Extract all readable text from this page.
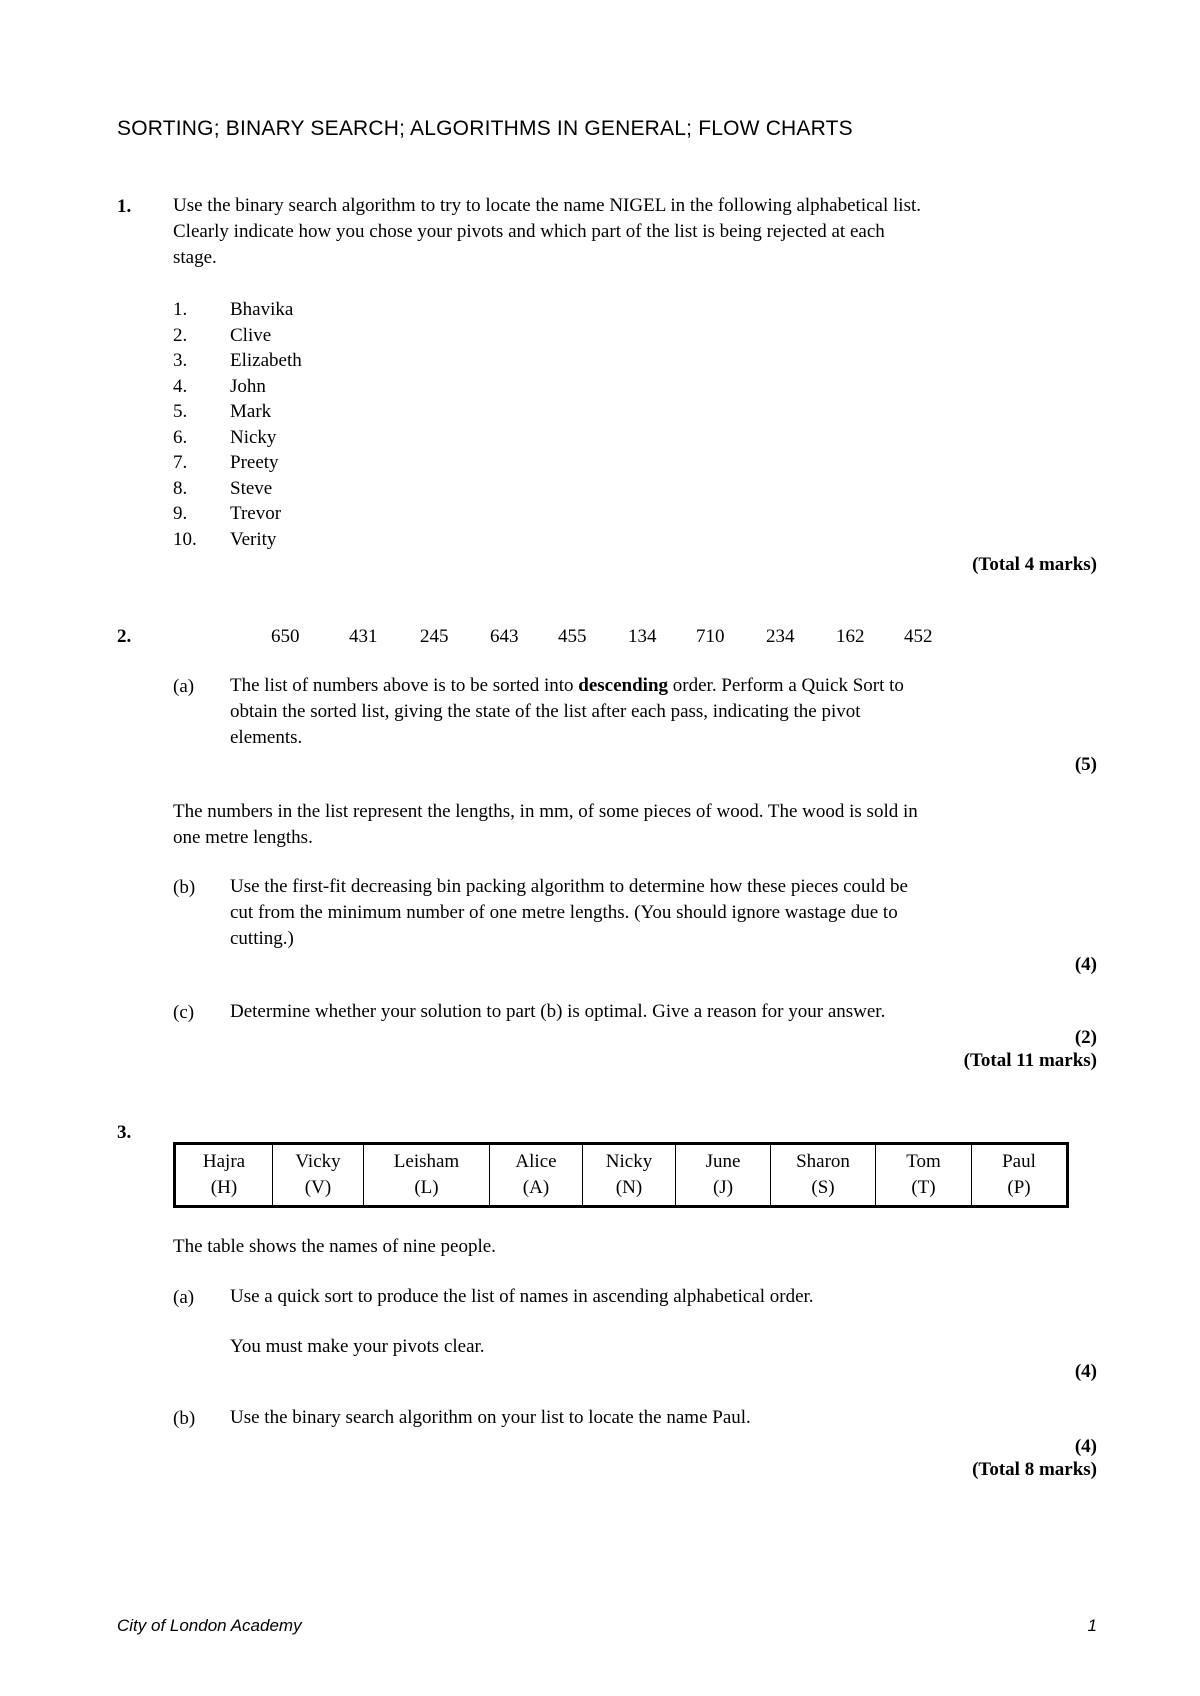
SORTING; BINARY SEARCH; ALGORITHMS IN GENERAL; FLOW CHARTS
1. Use the binary search algorithm to try to locate the name NIGEL in the following alphabetical list.
Clearly indicate how you chose your pivots and which part of the list is being rejected at each
stage.
1. Bhavika
2. Clive
3. Elizabeth
4. John
5. Mark
6. Nicky
7. Preety
8. Steve
9. Trevor
10. Verity
(Total 4 marks)
2.	650	431 245 643 455 134 710 234 162 452
(a) The list of numbers above is to be sorted into descending order. Perform a Quick Sort to
obtain the sorted list, giving the state of the list after each pass, indicating the pivot
elements.
(5)
The numbers in the list represent the lengths, in mm, of some pieces of wood. The wood is sold in
one metre lengths.
(b) Use the first-fit decreasing bin packing algorithm to determine how these pieces could be
cut from the minimum number of one metre lengths. (You should ignore wastage due to
cutting.)
(4)
(c) Determine whether your solution to part (b) is optimal. Give a reason for your answer.
(2)
(Total 11 marks)
3.
Hajra
(H)

Vicky
(V)

Leisham
(L)

Alice
(A)

Nicky
(N)

June
(J)

Sharon
(S)

Tom
(T)

Paul
(P)
The table shows the names of nine people.
(a) Use a quick sort to produce the list of names in ascending alphabetical order.
You must make your pivots clear.
(4)
(b) Use the binary search algorithm on your list to locate the name Paul.
(4)
(Total 8 marks)
City of London Academy	1
